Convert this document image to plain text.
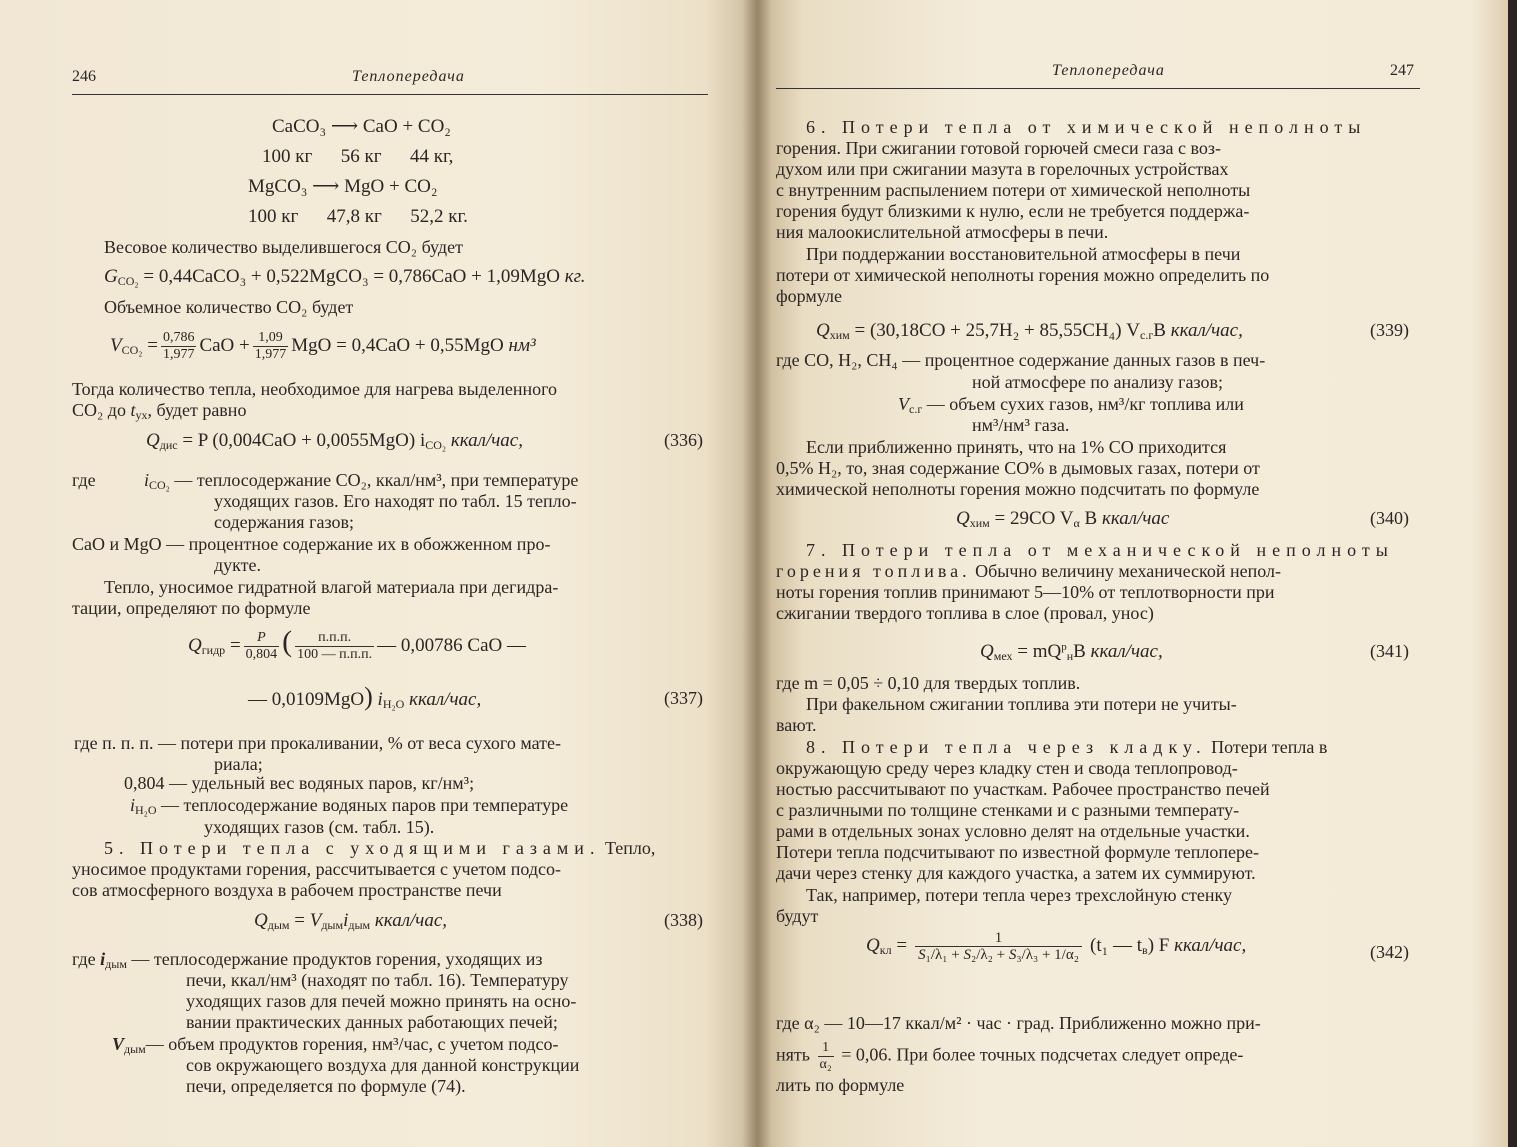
246	Теплопередача
CaCO₃ ⟶ CaO + CO₂
100 кг      56 кг      44 кг,
MgCO₃ ⟶ MgO + CO₂
100 кг      47,8 кг      52,2 кг.
Весовое количество выделившегося CO₂ будет
$G_{CO_2}$ = 0,44CaCO₃ + 0,522MgCO₃ = 0,786CaO + 1,09MgO кг.
Объемное количество CO₂ будет
$V_{CO_2} = \frac{0,786}{1,977}$ CaO + $\frac{1,09}{1,977}$ MgO = 0,4CaO + 0,55MgO нм³
Тогда количество тепла, необходимое для нагрева выделенного
CO₂ до $t_{ух}$, будет равно
$Q_{дис} = P$ (0,004CaO + 0,0055MgO) $i_{CO_2}$ ккал/час,	(336)
где	$i_{CO_2}$ — теплосодержание CO₂, ккал/нм³, при температуре
уходящих газов. Его находят по табл. 15 тепло-
содержания газов;
CaO и MgO — процентное содержание их в обожженном про-
дукте.
Тепло, уносимое гидратной влагой материала при дегидра-
тации, определяют по формуле
$Q_{гидр} = \frac{P}{0,804}$ (	п.п.п.
100 — п.п.п. — 0,00786 CaO —
— 0,0109MgO) $i_{H_2O}$ ккал/час,	(337)
где п. п. п. — потери при прокаливании, % от веса сухого мате-
риала;
0,804 — удельный вес водяных паров, кг/нм³;
$i_{H_2O}$ — теплосодержание водяных паров при температуре
уходящих газов (см. табл. 15).
5. Потери тепла с уходящими газами. Тепло,
уносимое продуктами горения, рассчитывается с учетом подсо-
сов атмосферного воздуха в рабочем пространстве печи
$Q_{дым} = V_{дым}i_{дым}$ ккал/час,	(338)
где $i_{дым}$ — теплосодержание продуктов горения, уходящих из
печи, ккал/нм³ (находят по табл. 16). Температуру
уходящих газов для печей можно принять на осно-
вании практических данных работающих печей;
$V_{дым}—$ объем продуктов горения, нм³/час, с учетом подсо-
сов окружающего воздуха для данной конструкции
печи, определяется по формуле (74).
Теплопередача	247
6. Потери тепла от химической неполноты
горения. При сжигании готовой горючей смеси газа с воз-
духом или при сжигании мазута в горелочных устройствах
с внутренним распылением потери от химической неполноты
горения будут близкими к нулю, если не требуется поддержа-
ния малоокислительной атмосферы в печи.
При поддержании восстановительной атмосферы в печи
потери от химической неполноты горения можно определить по
формуле
$Q_{хим} = (30,18CO + 25,7H_2 + 85,55CH_4)$ $V_{с.г}B$ ккал/час,	(339)
где CO, H₂, CH₄ — процентное содержание данных газов в печ-
ной атмосфере по анализу газов;
$V_{с.г}$ — объем сухих газов, нм³/кг топлива или
нм³/нм³ газа.
Если приближенно принять, что на 1% CO приходится
0,5% H₂, то, зная содержание CO% в дымовых газах, потери от
химической неполноты горения можно подсчитать по формуле
$Q_{хим} = 29CO$ $V_\alpha$ B ккал/час	(340)
7. Потери тепла от механической неполноты
горения топлива. Обычно величину механической непол-
ноты горения топлив принимают 5—10% от теплотворности при
сжигании твердого топлива в слое (провал, унос)
$Q_{мех} = mQ^р_нB$ ккал/час,	(341)
где m = 0,05 ÷ 0,10 для твердых топлив.
При факельном сжигании топлива эти потери не учиты-
вают.
8. Потери тепла через кладку. Потери тепла в
окружающую среду через кладку стен и свода теплопровод-
ностью рассчитывают по участкам. Рабочее пространство печей
с различными по толщине стенками и с разными температу-
рами в отдельных зонах условно делят на отдельные участки.
Потери тепла подсчитывают по известной формуле теплопере-
дачи через стенку для каждого участка, а затем их суммируют.
Так, например, потери тепла через трехслойную стенку
будут
$Q_{кл} = \frac{1}{\text{S₁/λ₁ + S₂/λ₂ + S₃/λ₃ + 1/α₂}} (t_1$ — $t_в$) F ккал/час,	(342)
где α₂ — 10—17 ккал/м² · час · град. Приближенно можно при-
нять $\frac{1}{\text{α₂}} = 0,06$. При более точных подсчетах следует опреде-
лить по формуле
